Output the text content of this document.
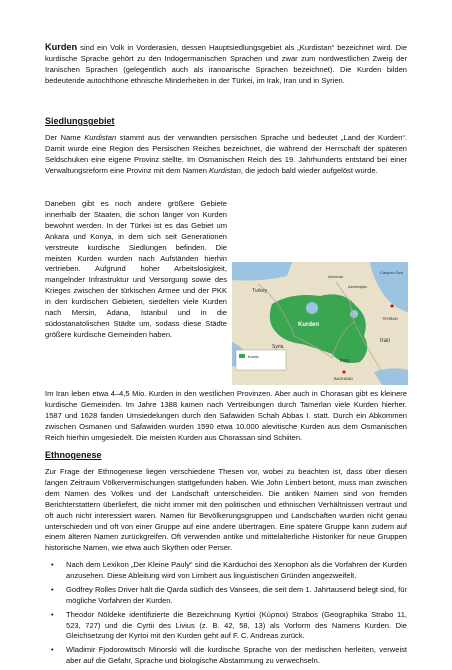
Kurden sind ein Volk in Vorderasien, dessen Hauptsiedlungsgebiet als „Kurdistan“ bezeichnet wird. Die kurdische Sprache gehört zu den Indogermanischen Sprachen und zwar zum nordwestlichen Zweig der Iranischen Sprachen (gelegentlich auch als iranoarische Sprachen bezeichnet). Die Kurden bilden bedeutende autochthone ethnische Minderheiten in der Türkei, im Irak, Iran und in Syrien.

Siedlungsgebiet

Der Name Kurdistan stammt aus der verwandten persischen Sprache und bedeutet „Land der Kurden“. Damit wurde eine Region des Persischen Reiches bezeichnet, die während der Herrschaft der späteren Seldschuken eine eigene Provinz stellte. Im Osmanischen Reich des 19. Jahrhunderts entstand bei einer Verwaltungsreform eine Provinz mit dem Namen Kurdistan, die jedoch bald wieder aufgelöst wurde.

Daneben gibt es noch andere größere Gebiete innerhalb der Staaten, die schon länger von Kurden bewohnt werden. In der Türkei ist es das Gebiet um Ankara und Konya, in dem sich seit Generationen verstreute kurdische Siedlungen befinden. Die meisten Kurden wurden nach Aufständen hierhin vertrieben. Aufgrund hoher Arbeitslosigkeit, mangelnder Infrastruktur und Versorgung sowie des Krieges zwischen der türkischen Armee und der PKK in den kurdischen Gebieten, siedelten viele Kurden nach Mersin, Adana, Istanbul und in die südostanatolischen Städte um, sodass diese Städte größere kurdische Gemeinden haben.

Kurds
Turkey
Kurden
Iraq
Iran
Syria
Armenia
Azerbaijan
Caspian Sea
BAGHDAD
TEHRAN

Im Iran leben etwa 4–4,5 Mio. Kurden in den westlichen Provinzen. Aber auch in Chorasan gibt es kleinere kurdische Gemeinden. Im Jahre 1388 kamen nach Vertreibungen durch Tamerlan viele Kurden hierher. 1587 und 1628 fanden Umsiedelungen durch den Safawiden Schah Abbas I. statt. Durch ein Abkommen zwischen Osmanen und Safawiden wurden 1590 etwa 10.000 alevitische Kurden aus dem Osmanischen Reich hierhin umgesiedelt. Die meisten Kurden aus Chorassan sind Schiiten.

Ethnogenese

Zur Frage der Ethnogenese liegen verschiedene Thesen vor, wobei zu beachten ist, dass über diesen langen Zeitraum Völkervermischungen stattgefunden haben. Wie John Limbert betont, muss man zwischen dem Namen des Volkes und der Landschaft unterscheiden. Die antiken Namen sind von fremden Berichterstattern überliefert, die nicht immer mit den politischen und ethnischen Verhältnissen vertraut und oft auch nicht interessiert waren. Namen für Bevölkerungsgruppen und Landschaften wurden nicht genau unterschieden und oft von einer Gruppe auf eine andere übertragen. Eine spätere Gruppe kann zudem auf einem älteren Namen zurückgreifen. Oft verwenden antike und mittelalterliche Historiker für neue Gruppen historische Namen, wie etwa auch Skythen oder Perser.

• Nach dem Lexikon „Der Kleine Pauly“ sind die Karduchoi des Xenophon als die Vorfahren der Kurden anzusehen. Diese Ableitung wird von Limbert aus linguistischen Gründen angezweifelt.
• Godfrey Rolles Driver hält die Qarda südlich des Vansees, die seit dem 1. Jahrtausend belegt sind, für mögliche Vorfahren der Kurden.
• Theodor Nöldeke identifizierte die Bezeichnung Kyrtioi (Κύρτιοι) Strabos (Geographika Strabo 11, 523, 727) und die Cyrtii des Livius (z. B. 42, 58, 13) als Vorform des Namens Kurden. Die Gleichsetzung der Kyrtoi mit den Kurden geht auf F. C. Andreas zurück.
• Wladimir Fjodorowitsch Minorski will die kurdische Sprache von der medischen herleiten, verweist aber auf die Gefahr, Sprache und biologische Abstammung zu verwechseln.
